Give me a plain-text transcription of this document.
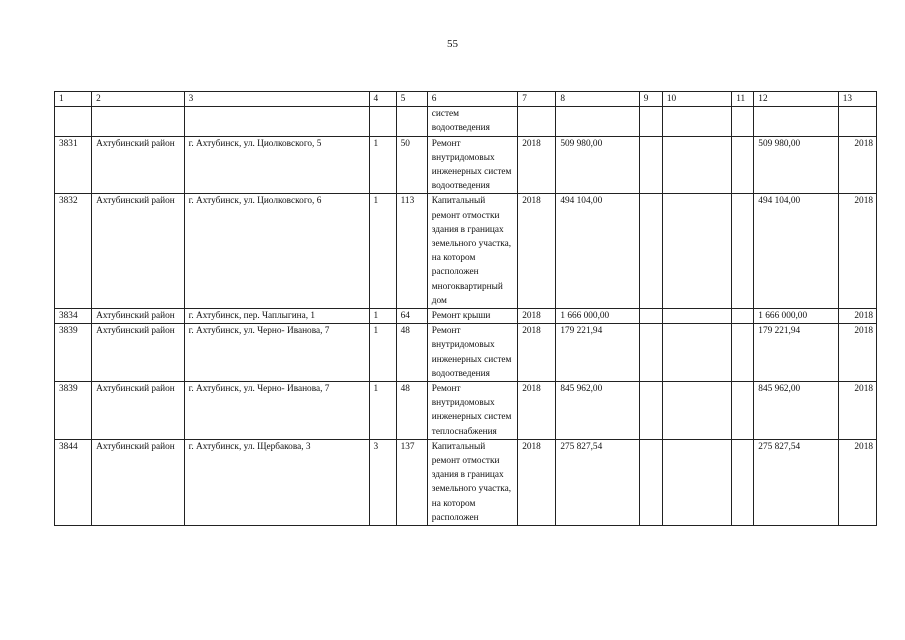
55
1	2	3	4	5	6	7	8	9	10	11	12	13
					систем водоотведения							
3831	Ахтубинский район	г. Ахтубинск, ул. Циолковского, 5	1	50	Ремонт внутридомовых инженерных систем водоотведения	2018	509 980,00				509 980,00	2018
3832	Ахтубинский район	г. Ахтубинск, ул. Циолковского, 6	1	113	Капитальный ремонт отмостки здания в границах земельного участка, на котором расположен многоквартирный дом	2018	494 104,00				494 104,00	2018
3834	Ахтубинский район	г. Ахтубинск, пер. Чаплыгина, 1	1	64	Ремонт крыши	2018	1 666 000,00				1 666 000,00	2018
3839	Ахтубинский район	г. Ахтубинск, ул. Черно- Иванова, 7	1	48	Ремонт внутридомовых инженерных систем водоотведения	2018	179 221,94				179 221,94	2018
3839	Ахтубинский район	г. Ахтубинск, ул. Черно- Иванова, 7	1	48	Ремонт внутридомовых инженерных систем теплоснабжения	2018	845 962,00				845 962,00	2018
3844	Ахтубинский район	г. Ахтубинск, ул. Щербакова, 3	3	137	Капитальный ремонт отмостки здания в границах земельного участка, на котором расположен	2018	275 827,54				275 827,54	2018
